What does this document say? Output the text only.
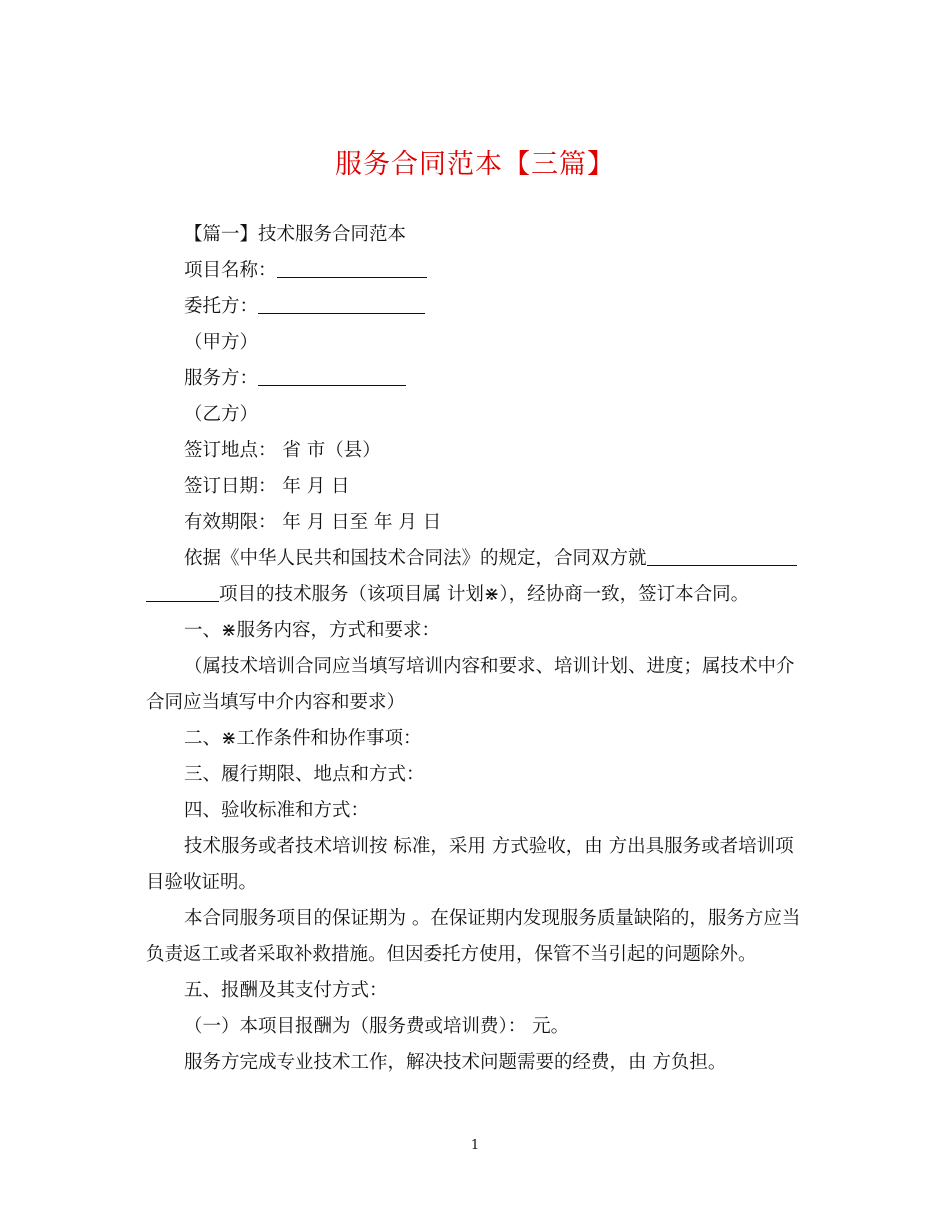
服务合同范本【三篇】
【篇一】技术服务合同范本
项目名称：
委托方：
（甲方）
服务方：
（乙方）
签订地点： 省 市（县）
签订日期： 年 月 日
有效期限： 年 月 日至 年 月 日
依据《中华人民共和国技术合同法》的规定，合同双方就
项目的技术服务（该项目属 计划⋇），经协商一致，签订本合同。
一、⋇服务内容，方式和要求：
（属技术培训合同应当填写培训内容和要求、培训计划、进度；属技术中介
合同应当填写中介内容和要求）
二、⋇工作条件和协作事项：
三、履行期限、地点和方式：
四、验收标准和方式：
技术服务或者技术培训按 标准，采用 方式验收，由 方出具服务或者培训项
目验收证明。
本合同服务项目的保证期为 。在保证期内发现服务质量缺陷的，服务方应当
负责返工或者采取补救措施。但因委托方使用，保管不当引起的问题除外。
五、报酬及其支付方式：
（一）本项目报酬为（服务费或培训费）： 元。
服务方完成专业技术工作，解决技术问题需要的经费，由 方负担。
1
